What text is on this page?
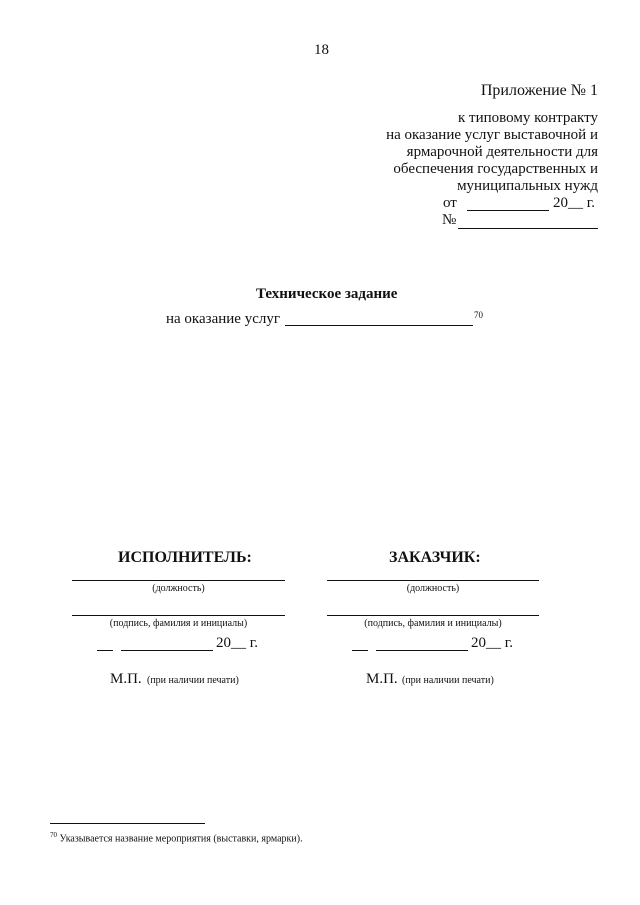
18
Приложение № 1
к типовому контракту
на оказание услуг выставочной и
ярмарочной деятельности для
обеспечения государственных и
муниципальных нужд
от	20__ г.
№
Техническое задание
на оказание услуг	70
ИСПОЛНИТЕЛЬ:
(должность)
(подпись, фамилия и инициалы)
20__ г.
М.П. (при наличии печати)
ЗАКАЗЧИК:
(должность)
(подпись, фамилия и инициалы)
20__ г.
М.П. (при наличии печати)
$^{70}$ Указывается название мероприятия (выставки, ярмарки).
